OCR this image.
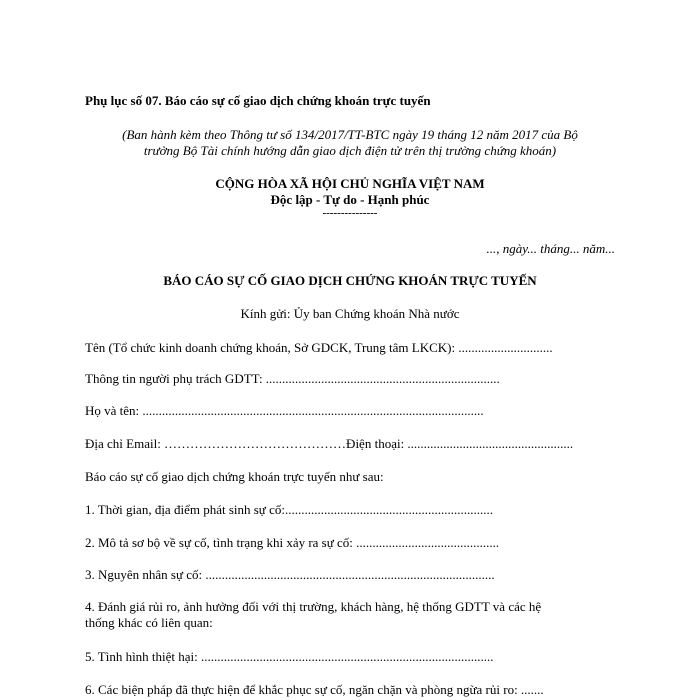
Phụ lục số 07. Báo cáo sự cố giao dịch chứng khoán trực tuyến
(Ban hành kèm theo Thông tư số 134/2017/TT-BTC ngày 19 tháng 12 năm 2017 của Bộ
trưởng Bộ Tài chính hướng dẫn giao dịch điện tử trên thị trường chứng khoán)
CỘNG HÒA XÃ HỘI CHỦ NGHĨA VIỆT NAM
Độc lập - Tự do - Hạnh phúc
---------------
..., ngày... tháng... năm...
BÁO CÁO SỰ CỐ GIAO DỊCH CHỨNG KHOÁN TRỰC TUYẾN
Kính gửi: Ủy ban Chứng khoán Nhà nước
Tên (Tổ chức kinh doanh chứng khoán, Sở GDCK, Trung tâm LKCK): .............................
Thông tin người phụ trách GDTT: ........................................................................
Họ và tên: .........................................................................................................
Địa chỉ Email: ……………………………………Điện thoại: ...................................................
Báo cáo sự cố giao dịch chứng khoán trực tuyến như sau:
1. Thời gian, địa điểm phát sinh sự cố:................................................................
2. Mô tả sơ bộ về sự cố, tình trạng khi xảy ra sự cố: ............................................
3. Nguyên nhân sự cố: .........................................................................................
4. Đánh giá rủi ro, ảnh hưởng đối với thị trường, khách hàng, hệ thống GDTT và các hệ
thống khác có liên quan:
5. Tình hình thiệt hại: ..........................................................................................
6. Các biện pháp đã thực hiện để khắc phục sự cố, ngăn chặn và phòng ngừa rủi ro: .......
